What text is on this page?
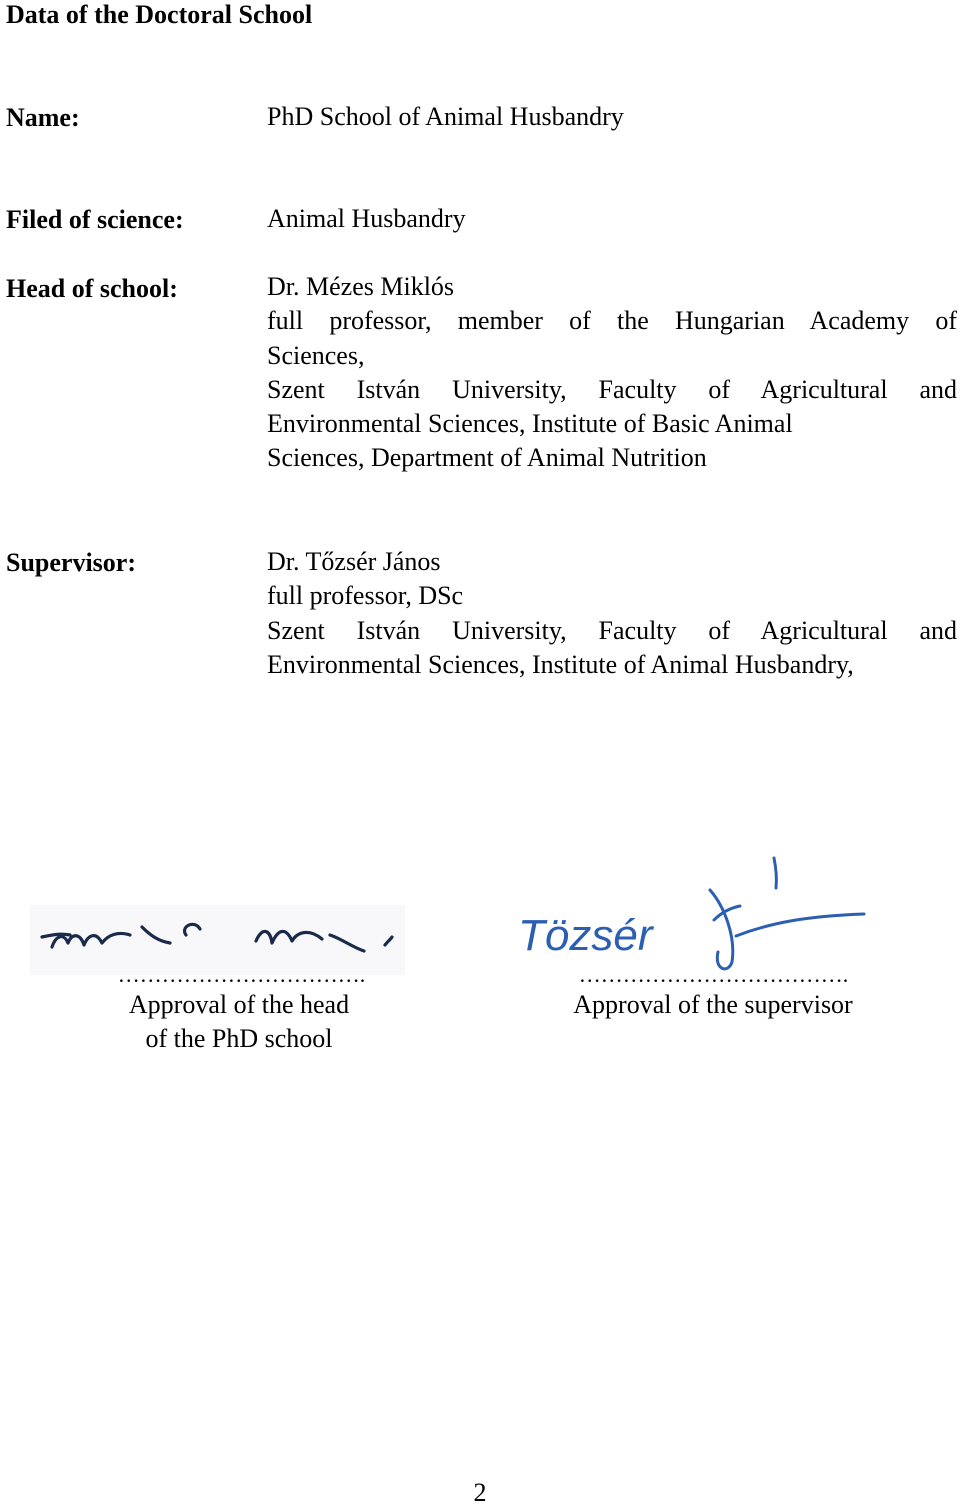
Data of the Doctoral School
Name:	PhD School of Animal Husbandry
Filed of science:	Animal Husbandry
Head of school:	Dr. Mézes Miklós
full professor, member of the Hungarian Academy of
Sciences,
Szent István University, Faculty of Agricultural and
Environmental Sciences, Institute of Basic Animal
Sciences, Department of Animal Nutrition
Supervisor:	Dr. Tőzsér János
full professor, DSc
Szent István University, Faculty of Agricultural and
Environmental Sciences, Institute of Animal Husbandry,
…………………………….
Approval of the head
of the PhD school
Tözsér
……………………………….
Approval of the supervisor
2
